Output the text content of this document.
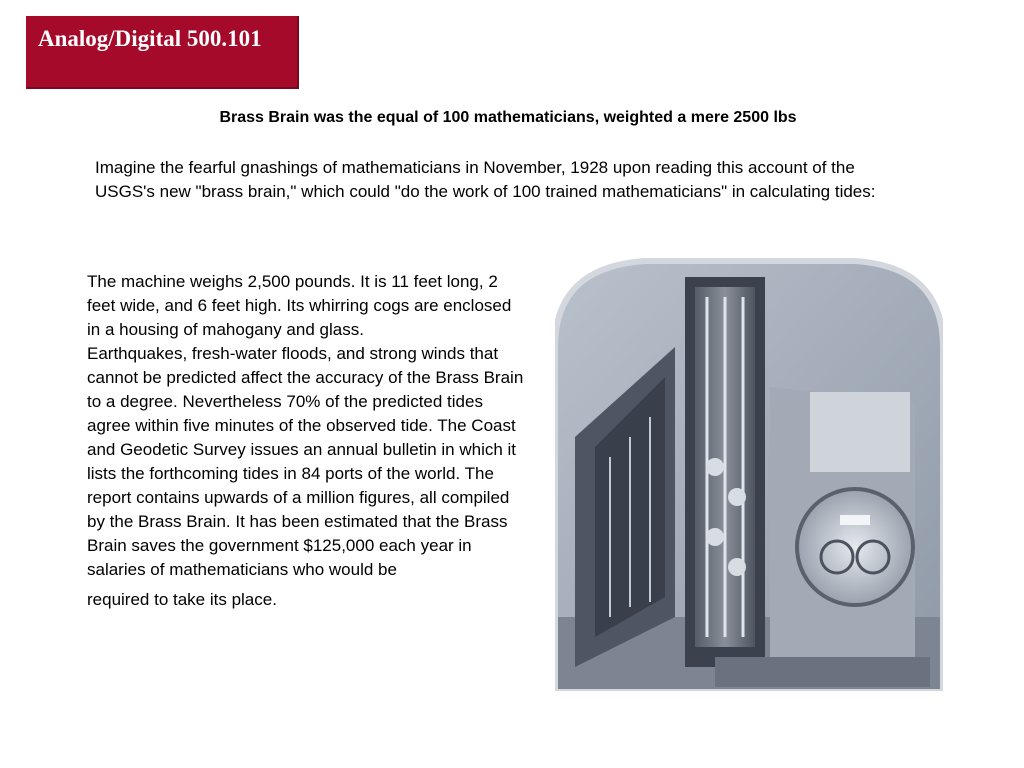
Analog/Digital 500.101
Brass Brain was the equal of 100 mathematicians, weighted a mere 2500 lbs
Imagine the fearful gnashings of mathematicians in November, 1928 upon reading this account of the USGS's new "brass brain," which could "do the work of 100 trained mathematicians" in calculating tides:

The machine weighs 2,500 pounds. It is 11 feet long, 2 feet wide, and 6 feet high. Its whirring cogs are enclosed in a housing of mahogany and glass.

Earthquakes, fresh-water floods, and strong winds that cannot be predicted affect the accuracy of the Brass Brain to a degree. Nevertheless 70% of the predicted tides agree within five minutes of the observed tide. The Coast and Geodetic Survey issues an annual bulletin in which it lists the forthcoming tides in 84 ports of the world. The report contains upwards of a million figures, all compiled by the Brass Brain. It has been estimated that the Brass Brain saves the government $125,000 each year in salaries of mathematicians who would be

required to take its place.
